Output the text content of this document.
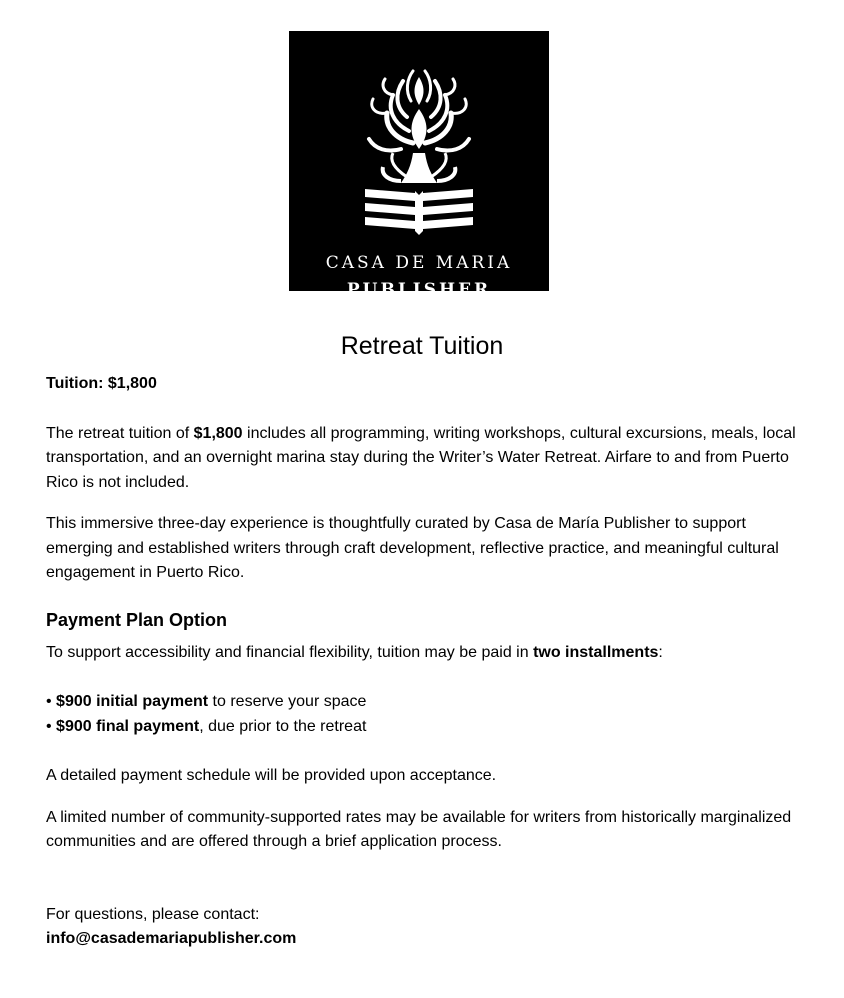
CASA DE MARIA
PUBLISHER
Retreat Tuition

Tuition: $1,800

The retreat tuition of $1,800 includes all programming, writing workshops, cultural excursions, meals, local transportation, and an overnight marina stay during the Writer’s Water Retreat. Airfare to and from Puerto Rico is not included.

This immersive three-day experience is thoughtfully curated by Casa de María Publisher to support emerging and established writers through craft development, reflective practice, and meaningful cultural engagement in Puerto Rico.

Payment Plan Option

To support accessibility and financial flexibility, tuition may be paid in two installments:

• $900 initial payment to reserve your space
• $900 final payment, due prior to the retreat

A detailed payment schedule will be provided upon acceptance.

A limited number of community-supported rates may be available for writers from historically marginalized communities and are offered through a brief application process.

For questions, please contact:

info@casademariapublisher.com
